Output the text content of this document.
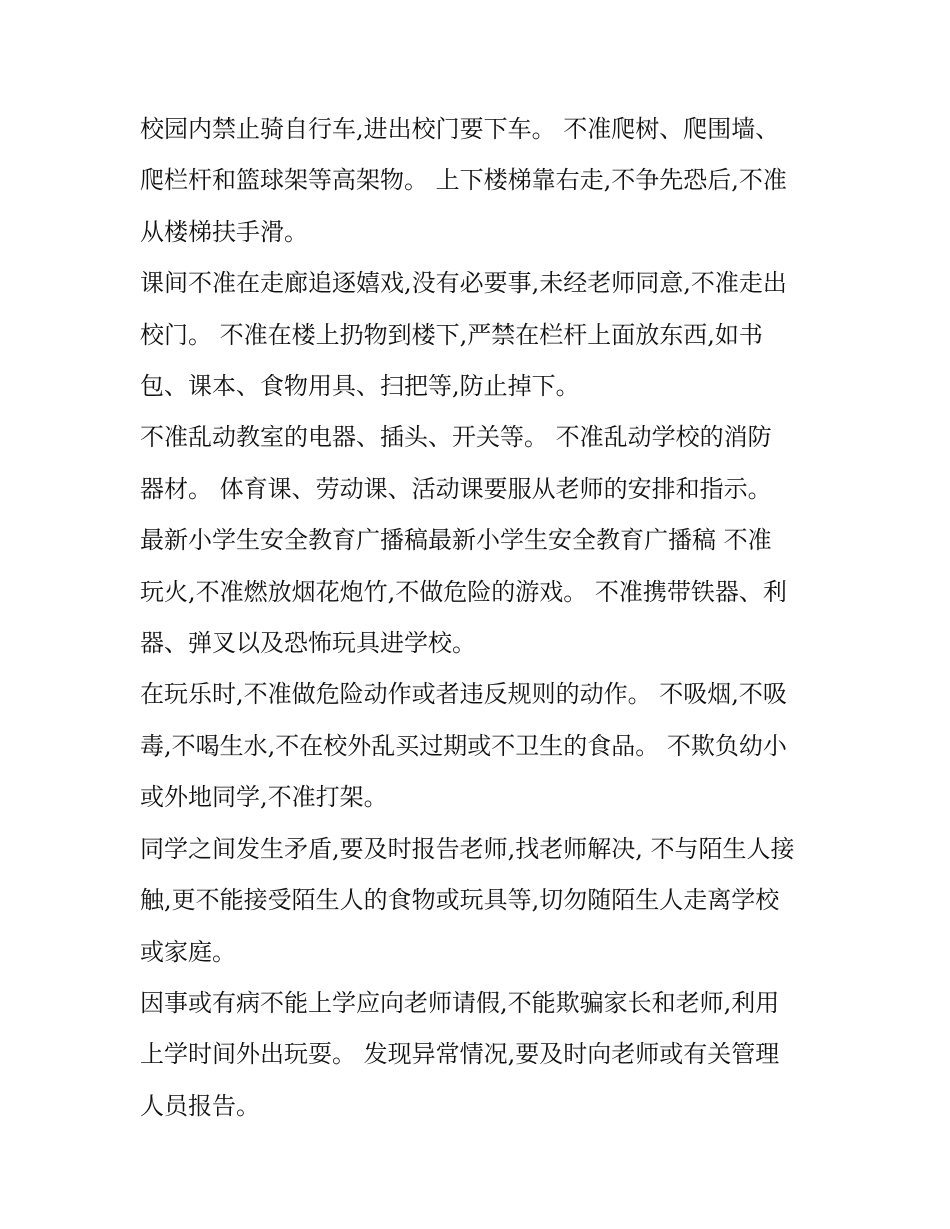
校园内禁止骑自行车,进出校门要下车。 不准爬树、爬围墙、
爬栏杆和篮球架等高架物。 上下楼梯靠右走,不争先恐后,不准
从楼梯扶手滑。

课间不准在走廊追逐嬉戏,没有必要事,未经老师同意,不准走出
校门。 不准在楼上扔物到楼下,严禁在栏杆上面放东西,如书
包、课本、食物用具、扫把等,防止掉下。

不准乱动教室的电器、插头、开关等。 不准乱动学校的消防
器材。 体育课、劳动课、活动课要服从老师的安排和指示。

最新小学生安全教育广播稿最新小学生安全教育广播稿 不准
玩火,不准燃放烟花炮竹,不做危险的游戏。 不准携带铁器、利
器、弹叉以及恐怖玩具进学校。

在玩乐时,不准做危险动作或者违反规则的动作。 不吸烟,不吸
毒,不喝生水,不在校外乱买过期或不卫生的食品。 不欺负幼小
或外地同学,不准打架。

同学之间发生矛盾,要及时报告老师,找老师解决, 不与陌生人接
触,更不能接受陌生人的食物或玩具等,切勿随陌生人走离学校
或家庭。

因事或有病不能上学应向老师请假,不能欺骗家长和老师,利用
上学时间外出玩耍。 发现异常情况,要及时向老师或有关管理
人员报告。
